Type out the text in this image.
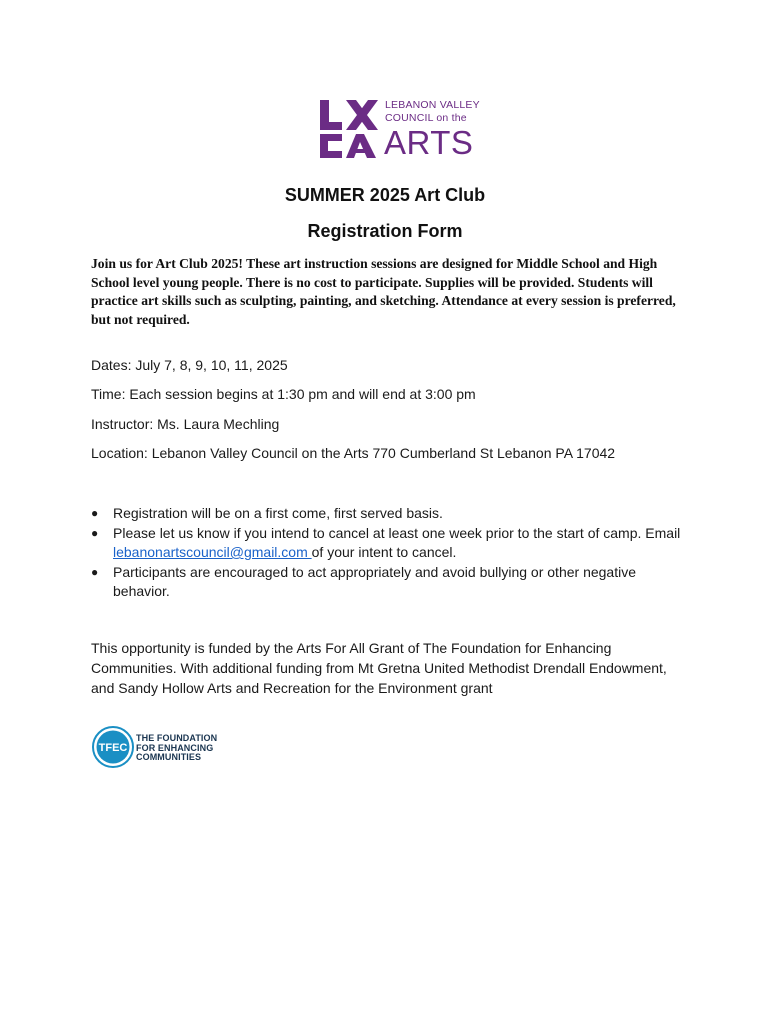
LEBANON VALLEY
COUNCIL on the
ARTS
SUMMER 2025 Art Club
Registration Form
Join us for Art Club 2025! These art instruction sessions are designed for Middle School and High School level young people. There is no cost to participate. Supplies will be provided. Students will practice art skills such as sculpting, painting, and sketching. Attendance at every session is preferred, but not required.
Dates: July 7, 8, 9, 10, 11, 2025
Time: Each session begins at 1:30 pm and will end at 3:00 pm
Instructor: Ms. Laura Mechling
Location: Lebanon Valley Council on the Arts 770 Cumberland St Lebanon PA 17042
● Registration will be on a first come, first served basis.
● Please let us know if you intend to cancel at least one week prior to the start of camp. Email lebanonartscouncil@gmail.com of your intent to cancel.
● Participants are encouraged to act appropriately and avoid bullying or other negative behavior.
This opportunity is funded by the Arts For All Grant of The Foundation for Enhancing Communities. With additional funding from Mt Gretna United Methodist Drendall Endowment, and Sandy Hollow Arts and Recreation for the Environment grant
TFEC
THE FOUNDATION
FOR ENHANCING
COMMUNITIES
